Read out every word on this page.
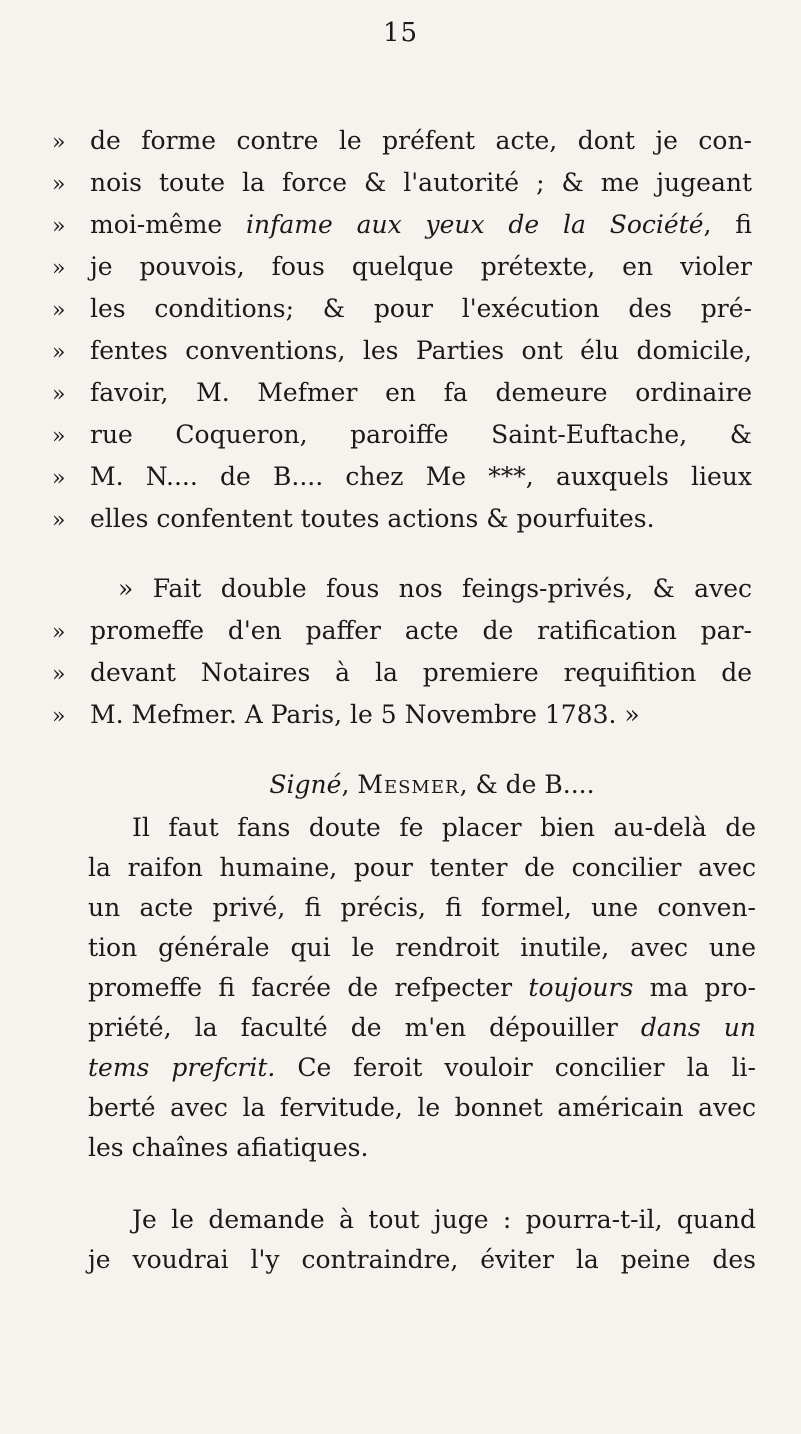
15
» de forme contre le préfent acte, dont je con-
» nois toute la force & l'autorité ; & me jugeant
» moi-même infame aux yeux de la Société, fi
» je pouvois, fous quelque prétexte, en violer
» les conditions; & pour l'exécution des pré-
» fentes conventions, les Parties ont élu domicile,
» favoir, M. Mefmer en fa demeure ordinaire
» rue Coqueron, paroiffe Saint-Euftache, &
» M. N.... de B.... chez Me ***, auxquels lieux
» elles confentent toutes actions & pourfuites.
» Fait double fous nos feings-privés, & avec
» promeffe d'en paffer acte de ratification par-
» devant Notaires à la premiere requifition de
» M. Mefmer. A Paris, le 5 Novembre 1783. »
Signé, Mesmer, & de B....
Il faut fans doute fe placer bien au-delà de
la raifon humaine, pour tenter de concilier avec
un acte privé, fi précis, fi formel, une conven-
tion générale qui le rendroit inutile, avec une
promeffe fi facrée de refpecter toujours ma pro-
priété, la faculté de m'en dépouiller dans un
tems prefcrit. Ce feroit vouloir concilier la li-
berté avec la fervitude, le bonnet américain avec
les chaînes afiatiques.
Je le demande à tout juge : pourra-t-il, quand
je voudrai l'y contraindre, éviter la peine des
